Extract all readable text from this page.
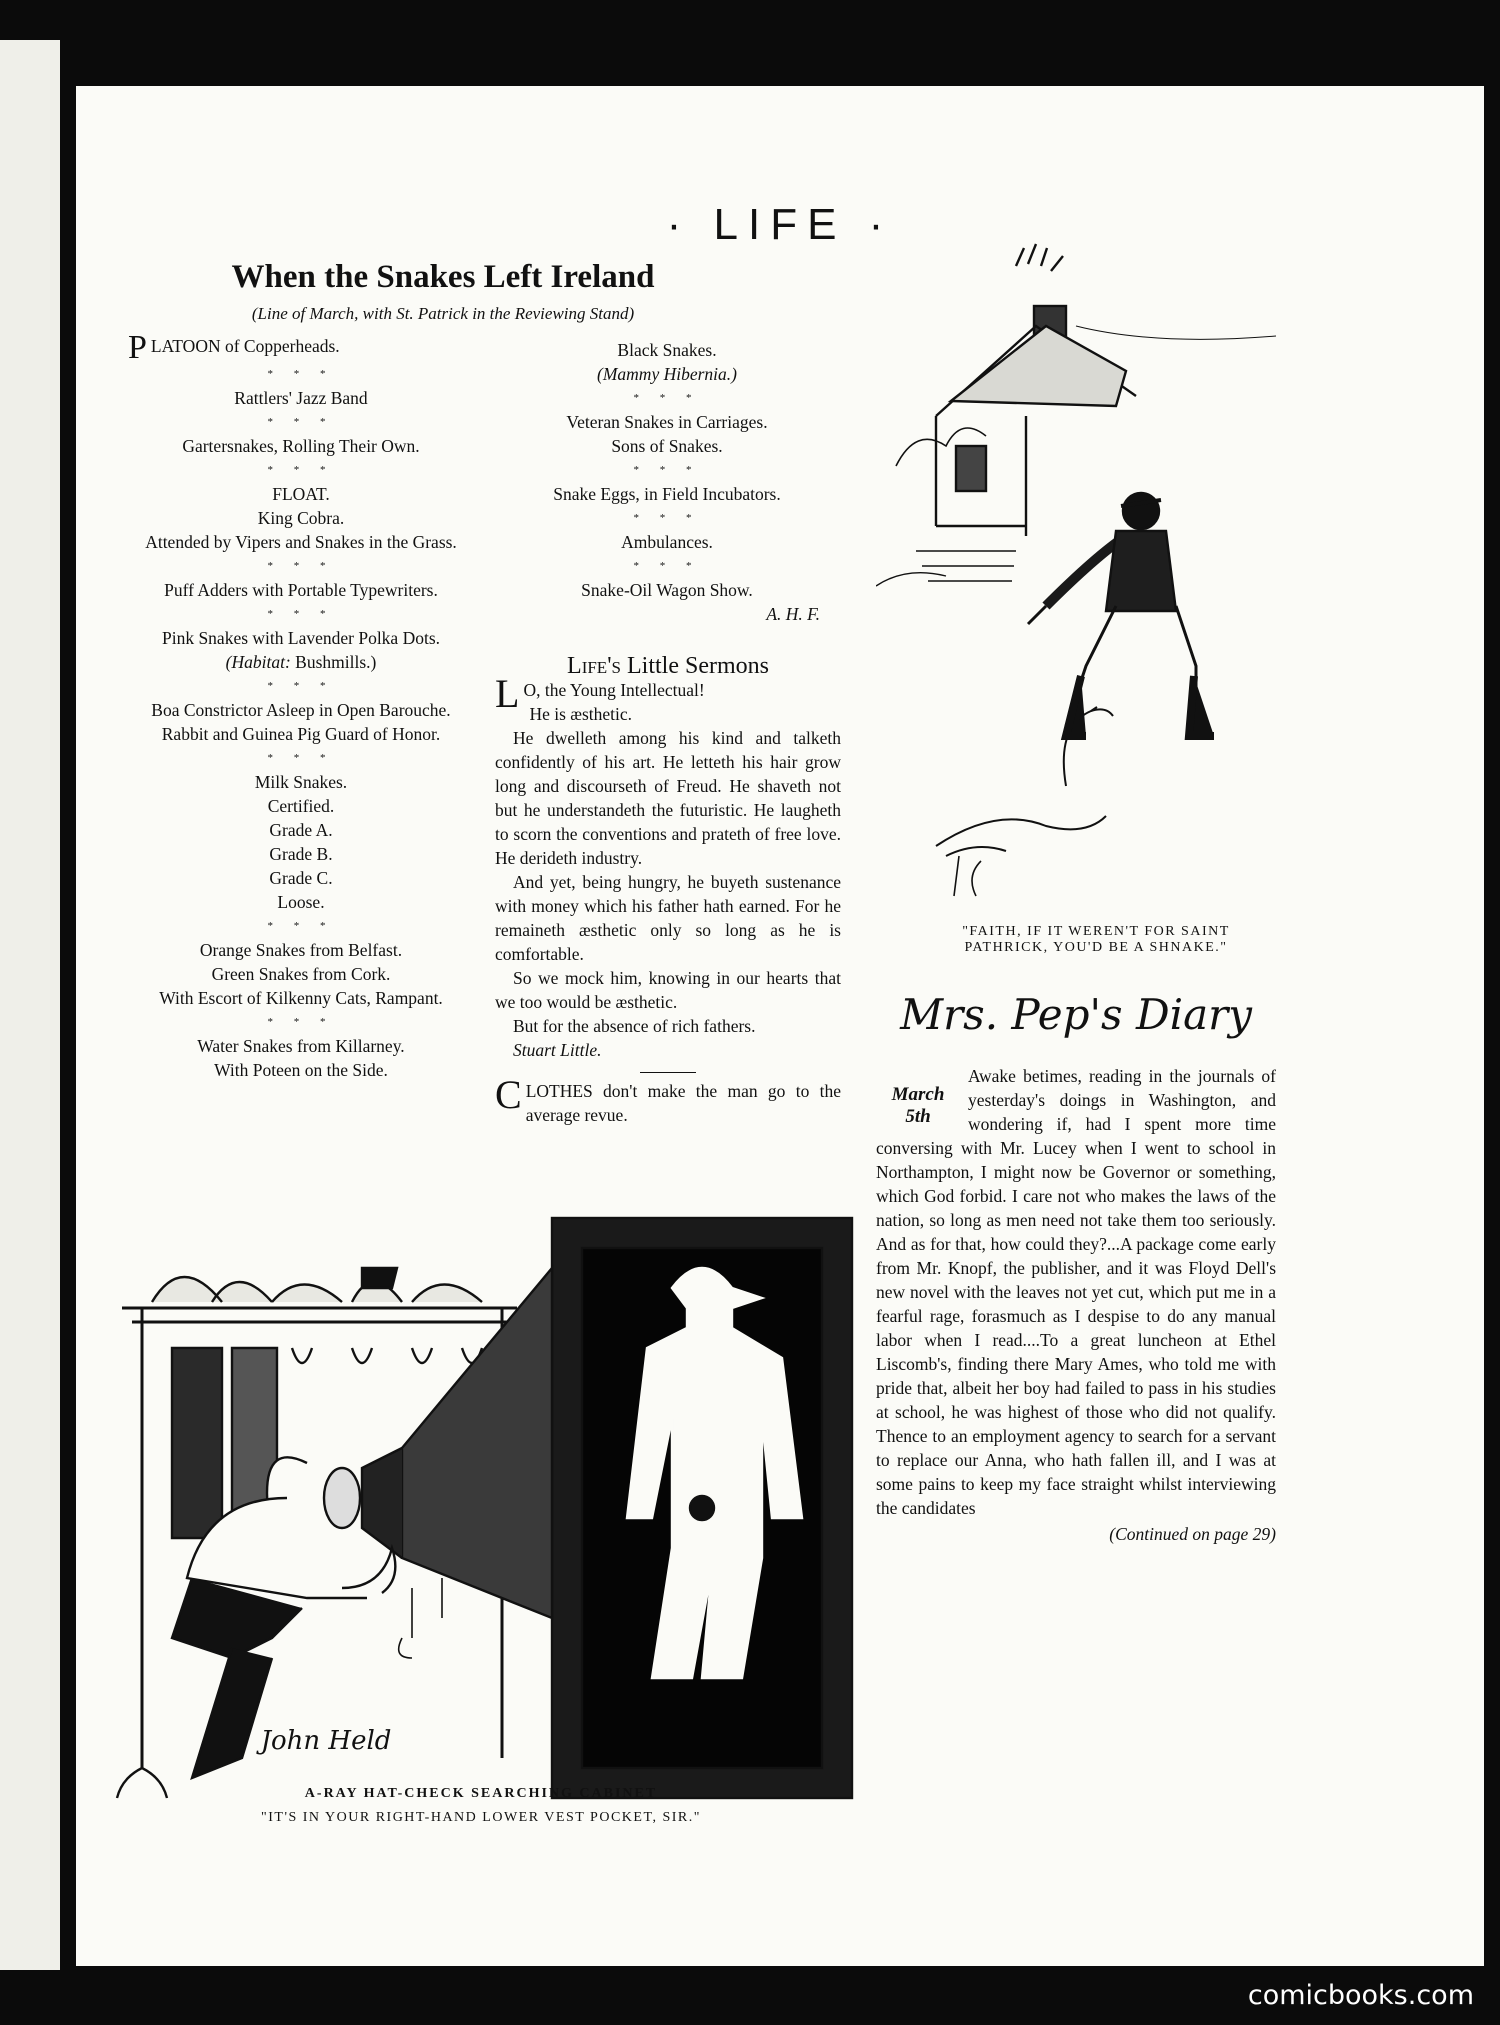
· LIFE ·
When the Snakes Left Ireland
(Line of March, with St. Patrick in the Reviewing Stand)

PLATOON of Copperheads.

* * *

Rattlers' Jazz Band

* * *

Gartersnakes, Rolling Their Own.

* * *

FLOAT.

King Cobra.

Attended by Vipers and Snakes in the Grass.

* * *

Puff Adders with Portable Typewriters.

* * *

Pink Snakes with Lavender Polka Dots.

(Habitat: Bushmills.)

* * *

Boa Constrictor Asleep in Open Barouche.

Rabbit and Guinea Pig Guard of Honor.

* * *

Milk Snakes.

Certified.

Grade A.

Grade B.

Grade C.

Loose.

* * *

Orange Snakes from Belfast.

Green Snakes from Cork.

With Escort of Kilkenny Cats, Rampant.

* * *

Water Snakes from Killarney.

With Poteen on the Side.

Black Snakes.

(Mammy Hibernia.)

* * *

Veteran Snakes in Carriages.

Sons of Snakes.

* * *

Snake Eggs, in Field Incubators.

* * *

Ambulances.

* * *

Snake-Oil Wagon Show.

A. H. F.

Life's Little Sermons

L O, the Young Intellectual!
He is æsthetic.

He dwelleth among his kind and talketh confidently of his art. He letteth his hair grow long and discourseth of Freud. He shaveth not but he understandeth the futuristic. He laugheth to scorn the conventions and prateth of free love. He derideth industry.

And yet, being hungry, he buyeth sustenance with money which his father hath earned. For he remaineth æsthetic only so long as he is comfortable.

So we mock him, knowing in our hearts that we too would be æsthetic.

But for the absence of rich fathers.

Stuart Little.

CLOTHES don't make the man go to the average revue.

"FAITH, IF IT WEREN'T FOR SAINT
PATHRICK, YOU'D BE A SHNAKE."
Mrs. Pep's Diary
March
5th

Awake betimes, reading in the journals of yesterday's doings in Washington, and wondering if, had I spent more time conversing with Mr. Lucey when I went to school in Northampton, I might now be Governor or something, which God forbid. I care not who makes the laws of the nation, so long as men need not take them too seriously. And as for that, how could they?...A package come early from Mr. Knopf, the publisher, and it was Floyd Dell's new novel with the leaves not yet cut, which put me in a fearful rage, forasmuch as I despise to do any manual labor when I read....To a great luncheon at Ethel Liscomb's, finding there Mary Ames, who told me with pride that, albeit her boy had failed to pass in his studies at school, he was highest of those who did not qualify. Thence to an employment agency to search for a servant to replace our Anna, who hath fallen ill, and I was at some pains to keep my face straight whilst interviewing the candidates

(Continued on page 29)

John Held
A-RAY HAT-CHECK SEARCHING CABINET
"IT'S IN YOUR RIGHT-HAND LOWER VEST POCKET, SIR."
comicbooks.com
